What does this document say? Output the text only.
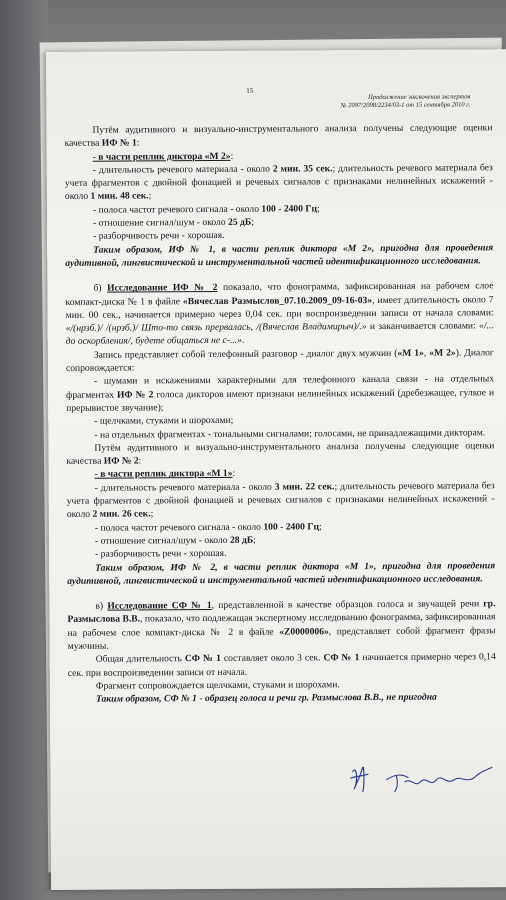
15
Продолжение заключения экспертов
№ 2097/2098/2234/03-1 от 15 сентября 2010 г.

Путём аудитивного и визуально-инструментального анализа получены следующие оценки качества ИФ № 1:

- в части реплик диктора «М 2»:

- длительность речевого материала - около 2 мин. 35 сек.; длительность речевого материала без учета фрагментов с двойной фонацией и речевых сигналов с признаками нелинейных искажений - около 1 мин. 48 сек.;

- полоса частот речевого сигнала - около 100 - 2400 Гц;

- отношение сигнал/шум - около 25 дБ;

- разборчивость речи - хорошая.

Таким образом, ИФ № 1, в части реплик диктора «М 2», пригодна для проведения аудитивной, лингвистической и инструментальной частей идентификационного исследования.

б) Исследование ИФ № 2 показало, что фонограмма, зафиксированная на рабочем слое компакт-диска № 1 в файле «Вячеслав Размыслов_07.10.2009_09-16-03», имеет длительность около 7 мин. 00 сек., начинается примерно через 0,04 сек. при воспроизведении записи от начала словами: «/(нрзб.)/ /(нрзб.)/ Што-то связь прервалась, /(Вячеслав Владимирыч)/.» и заканчивается словами: «/... до оскорбления/, будете общаться не с-...».

Запись представляет собой телефонный разговор - диалог двух мужчин («М 1», «М 2»). Диалог сопровождается:

- шумами и искажениями характерными для телефонного канала связи - на отдельных фрагментах ИФ № 2 голоса дикторов имеют признаки нелинейных искажений (дребезжащее, гулкое и прерывистое звучание);

- щелчками, стуками и шорохами;

- на отдельных фрагментах - тональными сигналами; голосами, не принадлежащими дикторам.

Путём аудитивного и визуально-инструментального анализа получены следующие оценки качества ИФ № 2:

- в части реплик диктора «М 1»:

- длительность речевого материала - около 3 мин. 22 сек.; длительность речевого материала без учета фрагментов с двойной фонацией и речевых сигналов с признаками нелинейных искажений - около 2 мин. 26 сек.;

- полоса частот речевого сигнала - около 100 - 2400 Гц;

- отношение сигнал/шум - около 28 дБ;

- разборчивость речи - хорошая.

Таким образом, ИФ № 2, в части реплик диктора «М 1», пригодна для проведения аудитивной, лингвистической и инструментальной частей идентификационного исследования.

в) Исследование СФ № 1, представленной в качестве образцов голоса и звучащей речи гр. Размыслова В.В., показало, что подлежащая экспертному исследованию фонограмма, зафиксированная на рабочем слое компакт-диска № 2 в файле «Z0000006», представляет собой фрагмент фразы мужчины.

Общая длительность СФ № 1 составляет около 3 сек. СФ № 1 начинается примерно через 0,14 сек. при воспроизведении записи от начала.

Фрагмент сопровождается щелчками, стуками и шорохами.

Таким образом, СФ № 1 - образец голоса и речи гр. Размыслова В.В., не пригодна
